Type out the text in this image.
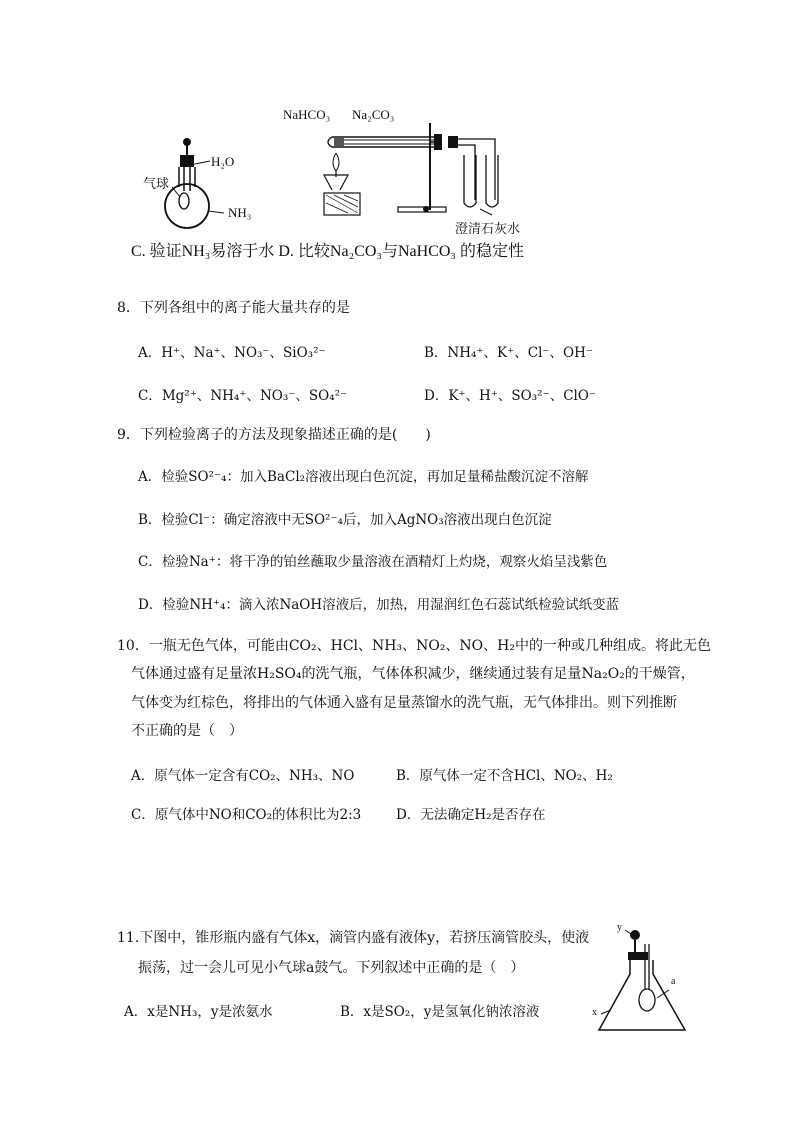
H₂O
气球
NH₃
NaHCO₃ Na₂CO₃
澄清石灰水
C. 验证NH₃易溶于水 D. 比较Na₂CO₃与NaHCO₃ 的稳定性
8．下列各组中的离子能大量共存的是
A．H⁺、Na⁺、NO₃⁻、SiO₃²⁻	B．NH₄⁺、K⁺、Cl⁻、OH⁻
C．Mg²⁺、NH₄⁺、NO₃⁻、SO₄²⁻	D．K⁺、H⁺、SO₃²⁻、ClO⁻
9．下列检验离子的方法及现象描述正确的是(　　)
A．检验SO²⁻₄：加入BaCl₂溶液出现白色沉淀，再加足量稀盐酸沉淀不溶解
B．检验Cl⁻：确定溶液中无SO²⁻₄后，加入AgNO₃溶液出现白色沉淀
C．检验Na⁺：将干净的铂丝蘸取少量溶液在酒精灯上灼烧，观察火焰呈浅紫色
D．检验NH⁺₄：滴入浓NaOH溶液后，加热，用湿润红色石蕊试纸检验试纸变蓝
10．一瓶无色气体，可能由CO₂、HCl、NH₃、NO₂、NO、H₂中的一种或几种组成。将此无色
气体通过盛有足量浓H₂SO₄的洗气瓶，气体体积减少，继续通过装有足量Na₂O₂的干燥管，
气体变为红棕色，将排出的气体通入盛有足量蒸馏水的洗气瓶，无气体排出。则下列推断
不正确的是（　）
A．原气体一定含有CO₂、NH₃、NO	B．原气体一定不含HCl、NO₂、H₂
C．原气体中NO和CO₂的体积比为2:3	D．无法确定H₂是否存在
11.下图中，锥形瓶内盛有气体x，滴管内盛有液体y，若挤压滴管胶头，使液
振荡，过一会儿可见小气球a鼓气。下列叙述中正确的是（　）
A．x是NH₃，y是浓氨水	B．x是SO₂，y是氢氧化钠浓溶液
y
a
x
